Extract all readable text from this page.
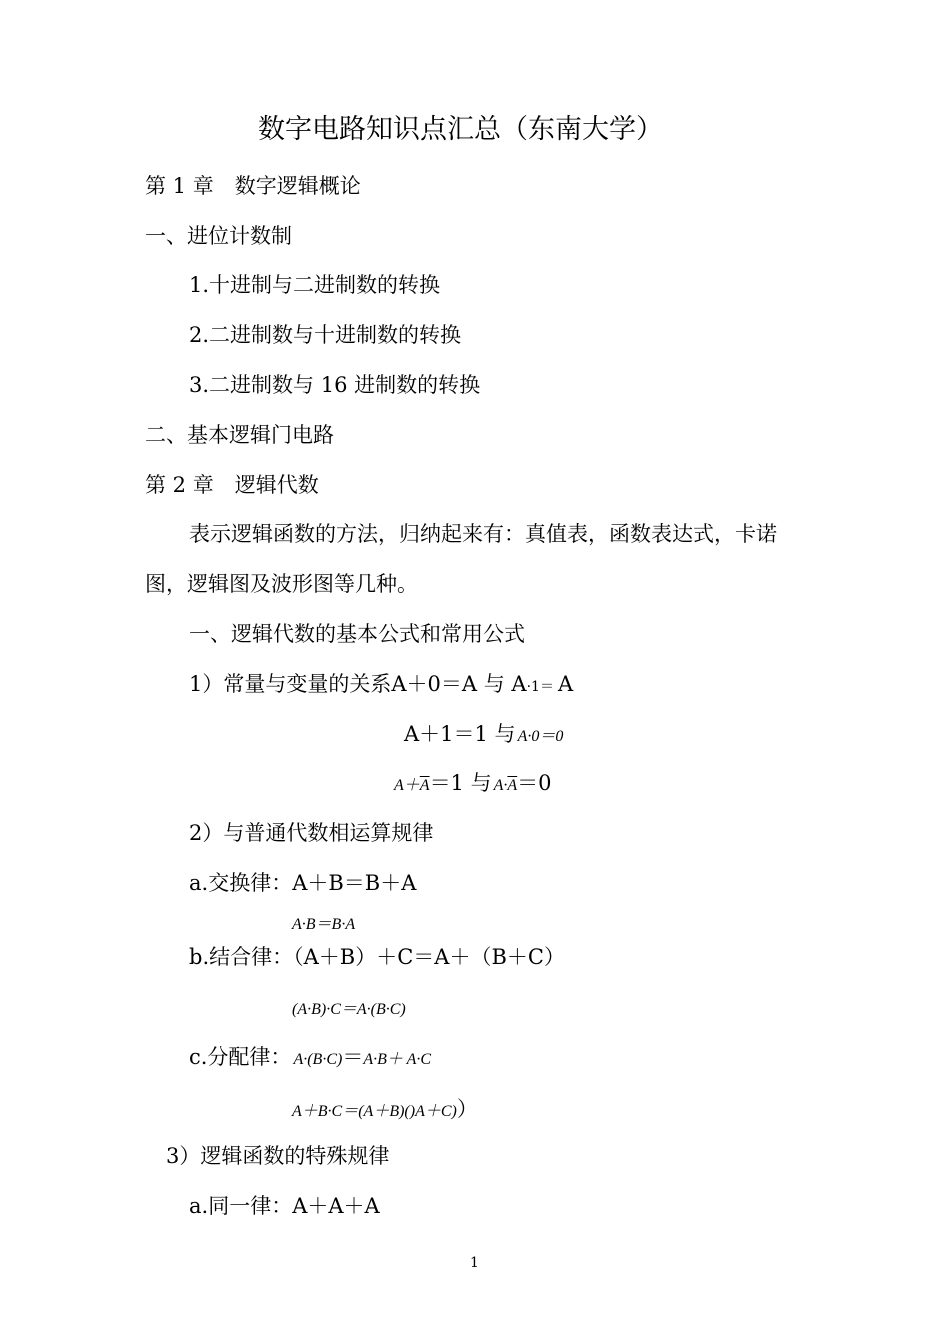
数字电路知识点汇总（东南大学）
第 1 章　数字逻辑概论
一、进位计数制
1.十进制与二进制数的转换
2.二进制数与十进制数的转换
3.二进制数与 16 进制数的转换
二、基本逻辑门电路
第 2 章　逻辑代数
表示逻辑函数的方法，归纳起来有：真值表，函数表达式，卡诺
图，逻辑图及波形图等几种。
一、逻辑代数的基本公式和常用公式
1）常量与变量的关系A＋0＝A 与 A·1＝ A
A＋1＝1 与 A·0＝0
$A+\overline{A}=1$ 与 $A\cdot\overline{A}=0$
2）与普通代数相运算规律
a.交换律：A＋B＝B＋A
A·B＝B·A
b.结合律：（A＋B）＋C＝A＋（B＋C）
(A·B)·C＝A·(B·C)
c.分配律： A·(B·C)＝A·B＋ A·C
A＋B·C＝(A＋B)()A＋C)）
3）逻辑函数的特殊规律
a.同一律：A＋A＋A
1
